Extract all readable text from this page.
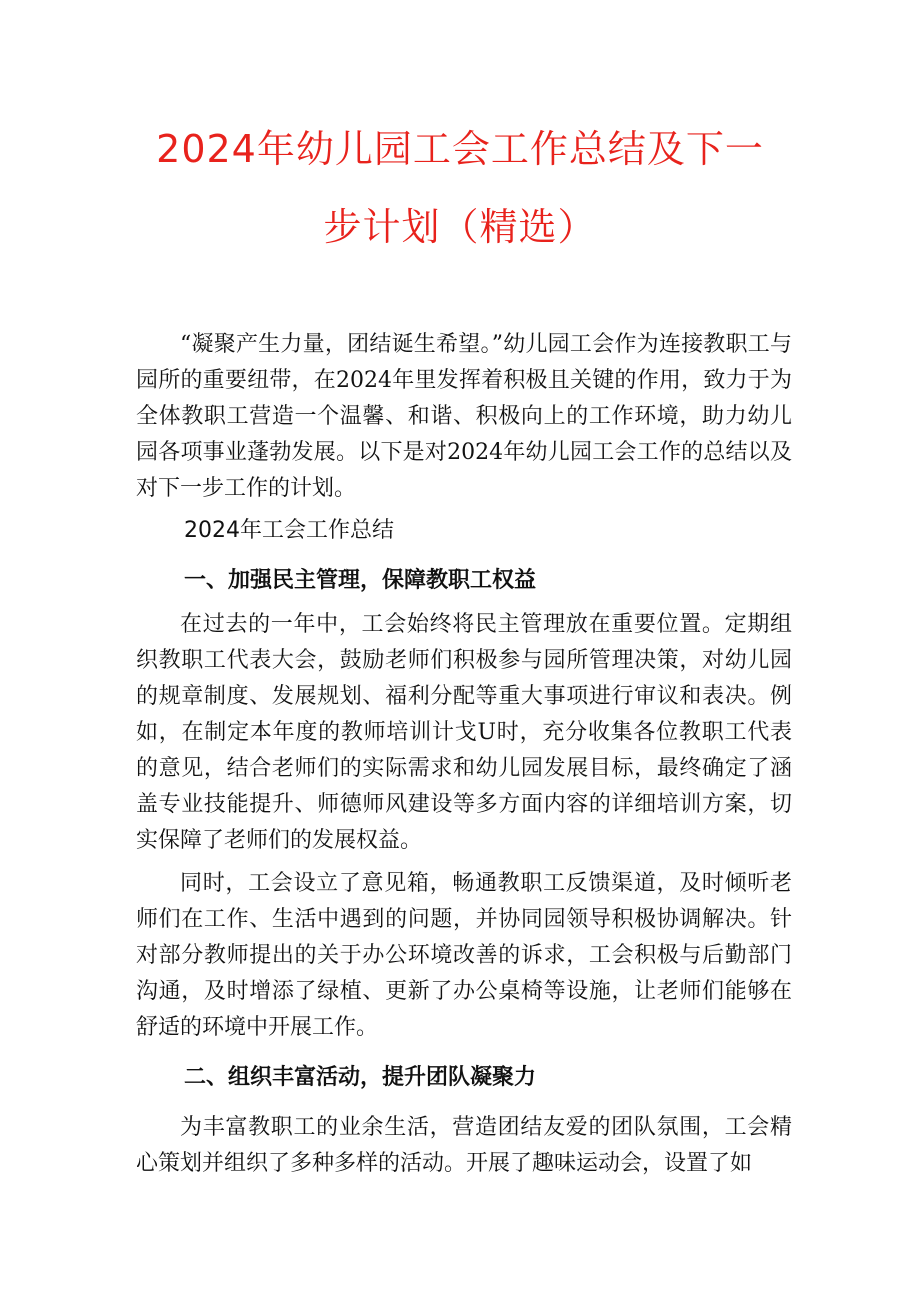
2024年幼儿园工会工作总结及下一
步计划（精选）

“凝聚产生力量，团结诞生希望。”幼儿园工会作为连接教职工与园所的重要纽带，在2024年里发挥着积极且关键的作用，致力于为全体教职工营造一个温馨、和谐、积极向上的工作环境，助力幼儿园各项事业蓬勃发展。以下是对2024年幼儿园工会工作的总结以及对下一步工作的计划。

2024年工会工作总结

一、加强民主管理，保障教职工权益

在过去的一年中，工会始终将民主管理放在重要位置。定期组织教职工代表大会，鼓励老师们积极参与园所管理决策，对幼儿园的规章制度、发展规划、福利分配等重大事项进行审议和表决。例如，在制定本年度的教师培训计戈U时，充分收集各位教职工代表的意见，结合老师们的实际需求和幼儿园发展目标，最终确定了涵盖专业技能提升、师德师风建设等多方面内容的详细培训方案，切实保障了老师们的发展权益。

同时，工会设立了意见箱，畅通教职工反馈渠道，及时倾听老师们在工作、生活中遇到的问题，并协同园领导积极协调解决。针对部分教师提出的关于办公环境改善的诉求，工会积极与后勤部门沟通，及时增添了绿植、更新了办公桌椅等设施，让老师们能够在舒适的环境中开展工作。

二、组织丰富活动，提升团队凝聚力

为丰富教职工的业余生活，营造团结友爱的团队氛围，工会精心策划并组织了多种多样的活动。开展了趣味运动会，设置了如
